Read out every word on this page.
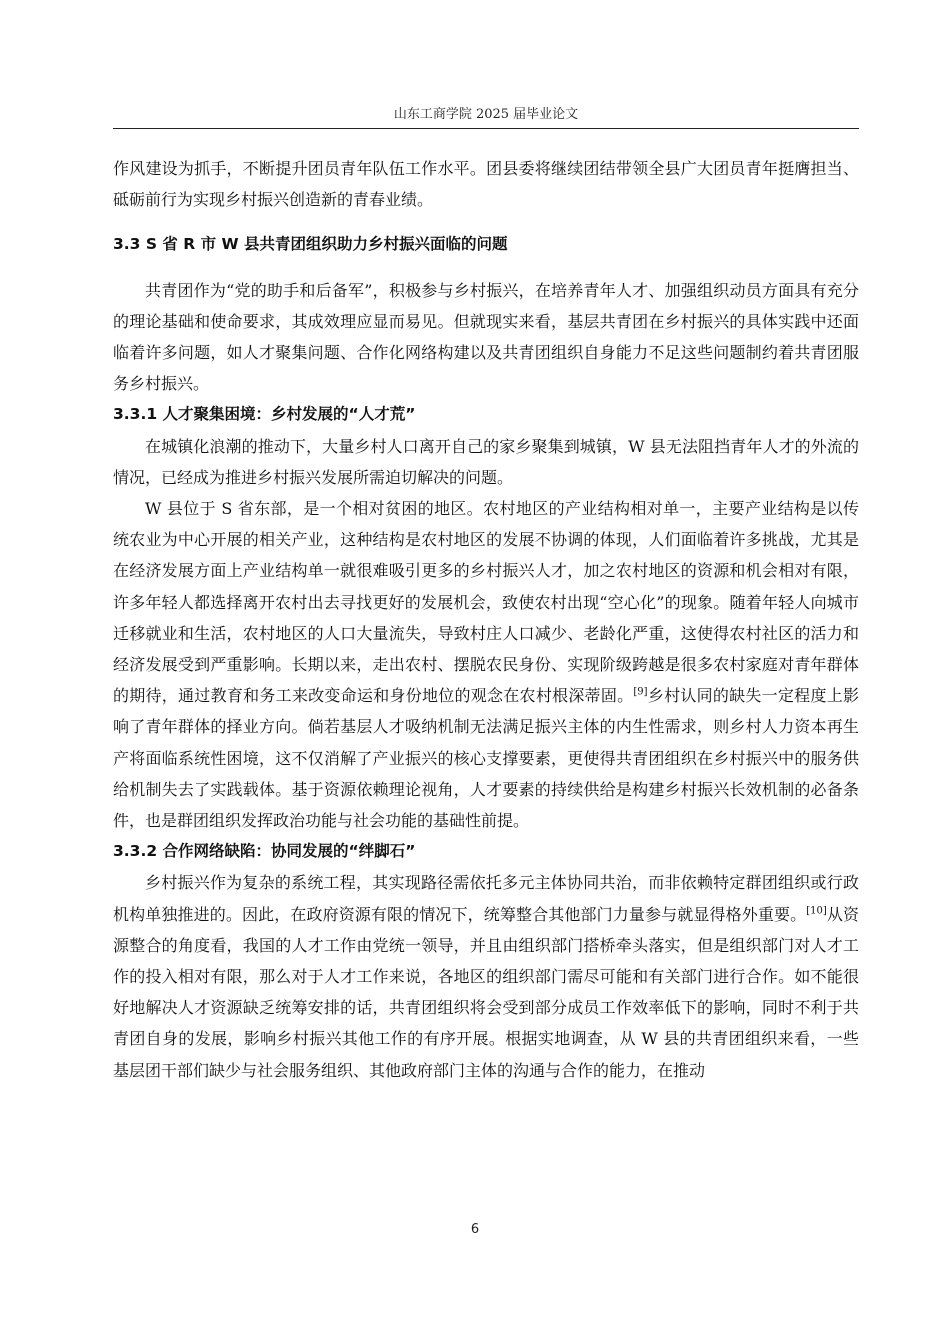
山东工商学院 2025 届毕业论文

作风建设为抓手，不断提升团员青年队伍工作水平。团县委将继续团结带领全县广大团员青年挺膺担当、砥砺前行为实现乡村振兴创造新的青春业绩。

3.3 S 省 R 市 W 县共青团组织助力乡村振兴面临的问题

共青团作为“党的助手和后备军”，积极参与乡村振兴，在培养青年人才、加强组织动员方面具有充分的理论基础和使命要求，其成效理应显而易见。但就现实来看，基层共青团在乡村振兴的具体实践中还面临着许多问题，如人才聚集问题、合作化网络构建以及共青团组织自身能力不足这些问题制约着共青团服务乡村振兴。

3.3.1 人才聚集困境：乡村发展的“人才荒”

在城镇化浪潮的推动下，大量乡村人口离开自己的家乡聚集到城镇，W 县无法阻挡青年人才的外流的情况，已经成为推进乡村振兴发展所需迫切解决的问题。

W 县位于 S 省东部，是一个相对贫困的地区。农村地区的产业结构相对单一，主要产业结构是以传统农业为中心开展的相关产业，这种结构是农村地区的发展不协调的体现，人们面临着许多挑战，尤其是在经济发展方面上产业结构单一就很难吸引更多的乡村振兴人才，加之农村地区的资源和机会相对有限，许多年轻人都选择离开农村出去寻找更好的发展机会，致使农村出现“空心化”的现象。随着年轻人向城市迁移就业和生活，农村地区的人口大量流失，导致村庄人口减少、老龄化严重，这使得农村社区的活力和经济发展受到严重影响。长期以来，走出农村、摆脱农民身份、实现阶级跨越是很多农村家庭对青年群体的期待，通过教育和务工来改变命运和身份地位的观念在农村根深蒂固。[9]乡村认同的缺失一定程度上影响了青年群体的择业方向。倘若基层人才吸纳机制无法满足振兴主体的内生性需求，则乡村人力资本再生产将面临系统性困境，这不仅消解了产业振兴的核心支撑要素，更使得共青团组织在乡村振兴中的服务供给机制失去了实践载体。基于资源依赖理论视角，人才要素的持续供给是构建乡村振兴长效机制的必备条件，也是群团组织发挥政治功能与社会功能的基础性前提。

3.3.2 合作网络缺陷：协同发展的“绊脚石”

乡村振兴作为复杂的系统工程，其实现路径需依托多元主体协同共治，而非依赖特定群团组织或行政机构单独推进的。因此，在政府资源有限的情况下，统筹整合其他部门力量参与就显得格外重要。[10]从资源整合的角度看，我国的人才工作由党统一领导，并且由组织部门搭桥牵头落实，但是组织部门对人才工作的投入相对有限，那么对于人才工作来说，各地区的组织部门需尽可能和有关部门进行合作。如不能很好地解决人才资源缺乏统筹安排的话，共青团组织将会受到部分成员工作效率低下的影响，同时不利于共青团自身的发展，影响乡村振兴其他工作的有序开展。根据实地调查，从 W 县的共青团组织来看，一些基层团干部们缺少与社会服务组织、其他政府部门主体的沟通与合作的能力，在推动

6
